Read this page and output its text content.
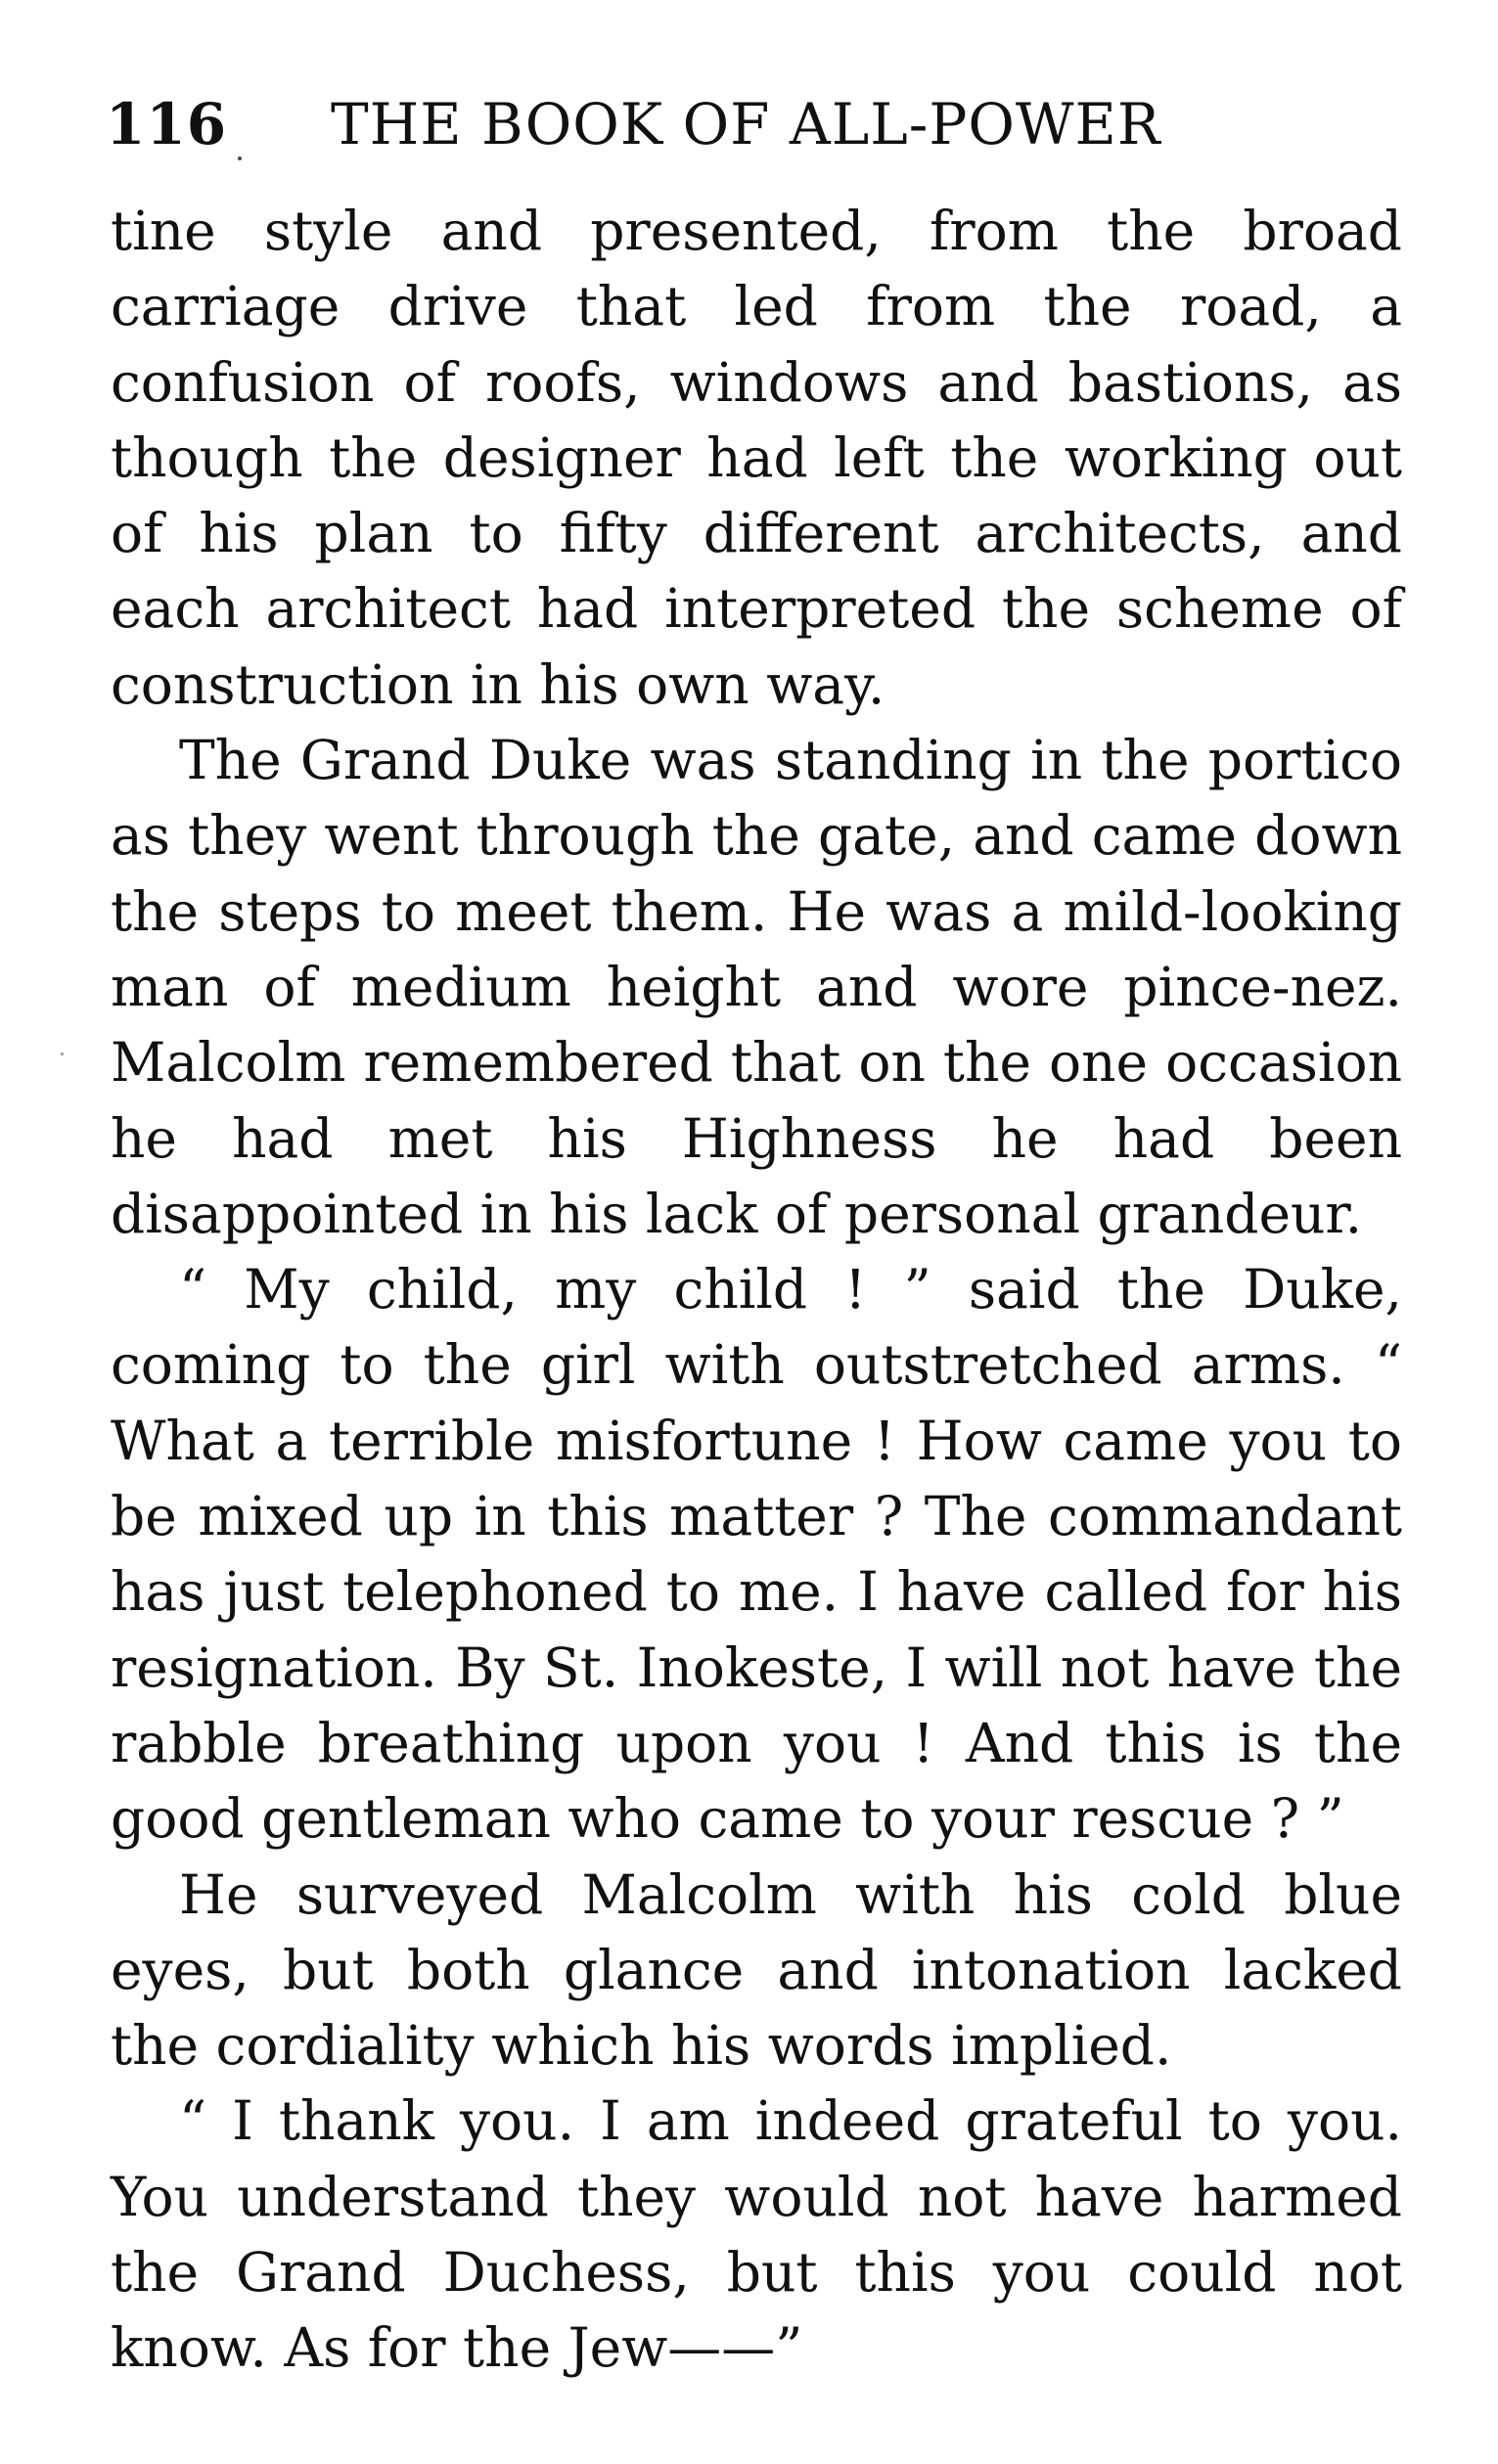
116 THE BOOK OF ALL-POWER

tine style and presented, from the broad carriage drive that led from the road, a confusion of roofs, windows and bastions, as though the designer had left the working out of his plan to fifty different architects, and each architect had interpreted the scheme of construction in his own way.

The Grand Duke was standing in the portico as they went through the gate, and came down the steps to meet them. He was a mild-looking man of medium height and wore pince-nez. Malcolm remembered that on the one occasion he had met his Highness he had been disappointed in his lack of personal grandeur.

“ My child, my child ! ” said the Duke, coming to the girl with outstretched arms. “ What a terrible misfortune ! How came you to be mixed up in this matter ? The commandant has just telephoned to me. I have called for his resignation. By St. Inokeste, I will not have the rabble breathing upon you ! And this is the good gentleman who came to your rescue ? ”

He surveyed Malcolm with his cold blue eyes, but both glance and intonation lacked the cordiality which his words implied.

“ I thank you. I am indeed grateful to you. You understand they would not have harmed the Grand Duchess, but this you could not know. As for the Jew——”
